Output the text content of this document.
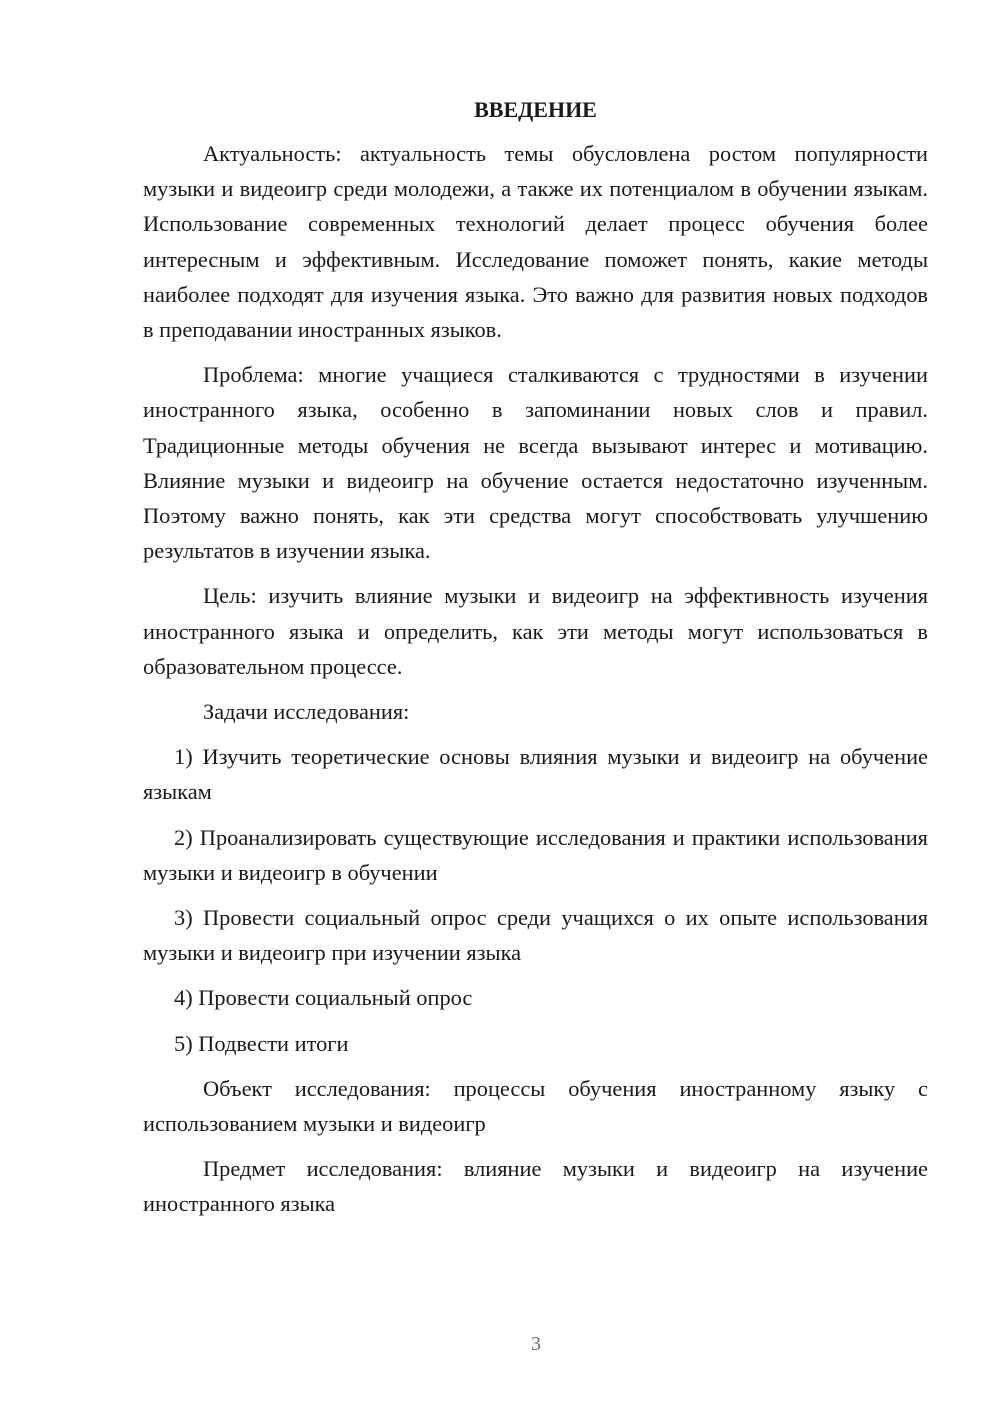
ВВЕДЕНИЕ

Актуальность: актуальность темы обусловлена ростом популярности музыки и видеоигр среди молодежи, а также их потенциалом в обучении языкам. Использование современных технологий делает процесс обучения более интересным и эффективным. Исследование поможет понять, какие методы наиболее подходят для изучения языка. Это важно для развития новых подходов в преподавании иностранных языков.

Проблема: многие учащиеся сталкиваются с трудностями в изучении иностранного языка, особенно в запоминании новых слов и правил. Традиционные методы обучения не всегда вызывают интерес и мотивацию. Влияние музыки и видеоигр на обучение остается недостаточно изученным. Поэтому важно понять, как эти средства могут способствовать улучшению результатов в изучении языка.

Цель: изучить влияние музыки и видеоигр на эффективность изучения иностранного языка и определить, как эти методы могут использоваться в образовательном процессе.

Задачи исследования:

1) Изучить теоретические основы влияния музыки и видеоигр на обучение языкам

2) Проанализировать существующие исследования и практики использования музыки и видеоигр в обучении

3) Провести социальный опрос среди учащихся о их опыте использования музыки и видеоигр при изучении языка

4) Провести социальный опрос

5) Подвести итоги

Объект исследования: процессы обучения иностранному языку с использованием музыки и видеоигр

Предмет исследования: влияние музыки и видеоигр на изучение иностранного языка

3
